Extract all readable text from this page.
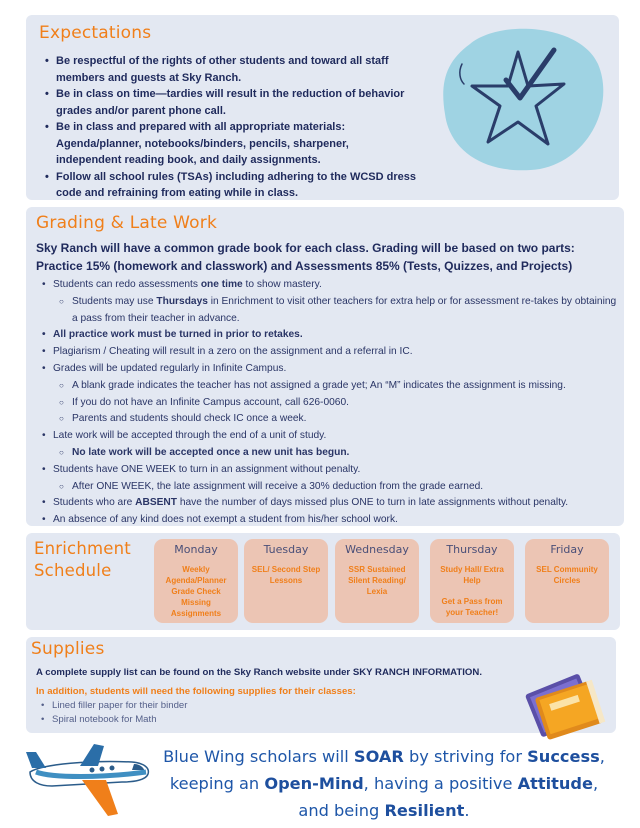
Expectations
• Be respectful of the rights of other students and toward all staff members and guests at Sky Ranch.
• Be in class on time—tardies will result in the reduction of behavior grades and/or parent phone call.
• Be in class and prepared with all appropriate materials: Agenda/planner, notebooks/binders, pencils, sharpener, independent reading book, and daily assignments.
• Follow all school rules (TSAs) including adhering to the WCSD dress code and refraining from eating while in class.
Grading & Late Work

Sky Ranch will have a common grade book for each class. Grading will be based on two parts: Practice 15% (homework and classwork) and Assessments 85% (Tests, Quizzes, and Projects)

• Students can redo assessments one time to show mastery.
○ Students may use Thursdays in Enrichment to visit other teachers for extra help or for assessment re-takes by obtaining a pass from their teacher in advance.
• All practice work must be turned in prior to retakes.
• Plagiarism / Cheating will result in a zero on the assignment and a referral in IC.
• Grades will be updated regularly in Infinite Campus.
○ A blank grade indicates the teacher has not assigned a grade yet; An “M” indicates the assignment is missing.
○ If you do not have an Infinite Campus account, call 626-0060.
○ Parents and students should check IC once a week.
• Late work will be accepted through the end of a unit of study.
○ No late work will be accepted once a new unit has begun.
• Students have ONE WEEK to turn in an assignment without penalty.
○ After ONE WEEK, the late assignment will receive a 30% deduction from the grade earned.
• Students who are ABSENT have the number of days missed plus ONE to turn in late assignments without penalty.
• An absence of any kind does not exempt a student from his/her school work.
Enrichment Schedule
Monday
Weekly Agenda/Planner Grade Check Missing Assignments
Tuesday
SEL/ Second Step Lessons
Wednesday
SSR Sustained Silent Reading/ Lexia
Thursday
Study Hall/ Extra Help
Get a Pass from your Teacher!
Friday
SEL Community Circles
Supplies

A complete supply list can be found on the Sky Ranch website under SKY RANCH INFORMATION.

In addition, students will need the following supplies for their classes:

• Lined filler paper for their binder
• Spiral notebook for Math

Blue Wing scholars will SOAR by striving for Success, keeping an Open-Mind, having a positive Attitude, and being Resilient.
